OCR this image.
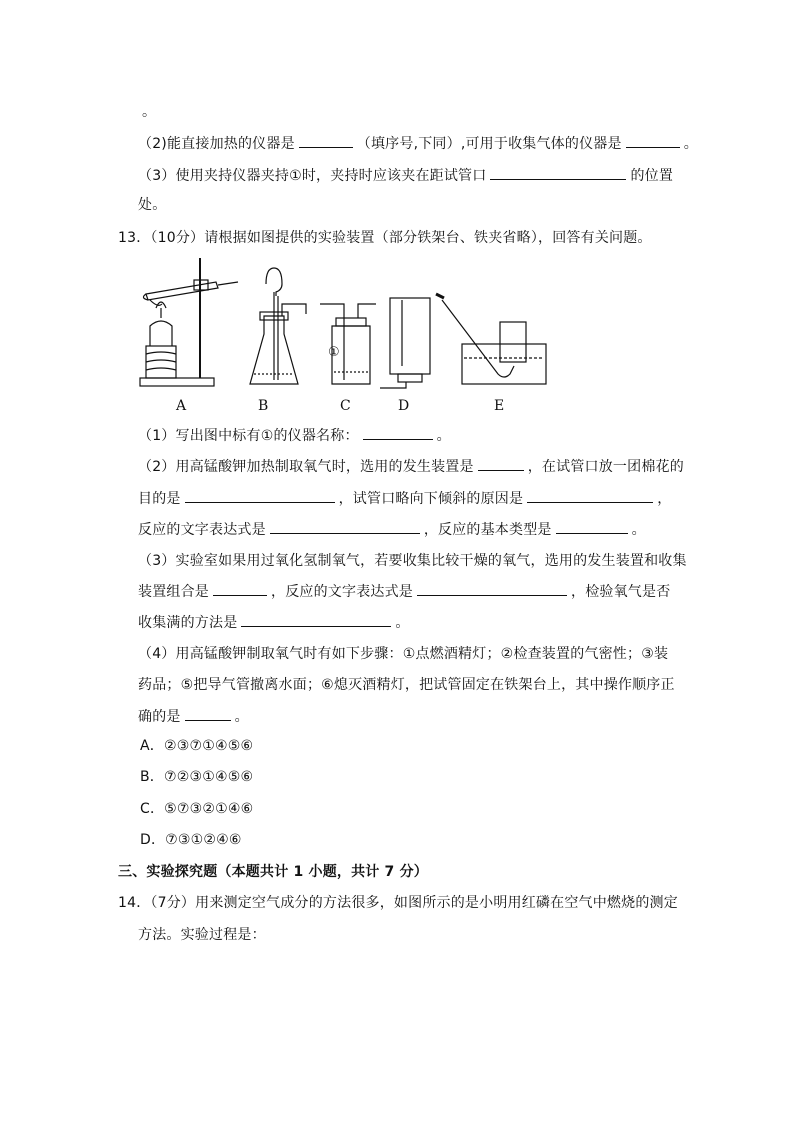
。
（2)能直接加热的仪器是	（填序号,下同）,可用于收集气体的仪器是	。
（3）使用夹持仪器夹持①时，夹持时应该夹在距试管口	的位置
处。
13．（10分）请根据如图提供的实验装置（部分铁架台、铁夹省略），回答有关问题。
①
A	B	C	D	E
（1）写出图中标有①的仪器名称：	。
（2）用高锰酸钾加热制取氧气时，选用的发生装置是	，在试管口放一团棉花的
目的是	，试管口略向下倾斜的原因是	，
反应的文字表达式是	，反应的基本类型是	。
（3）实验室如果用过氧化氢制氧气，若要收集比较干燥的氧气，选用的发生装置和收集
装置组合是	，反应的文字表达式是	，检验氧气是否
收集满的方法是	。
（4）用高锰酸钾制取氧气时有如下步骤：①点燃酒精灯；②检查装置的气密性；③装
药品；⑤把导气管撤离水面；⑥熄灭酒精灯，把试管固定在铁架台上，其中操作顺序正
确的是	。
A．②③⑦①④⑤⑥
B．⑦②③①④⑤⑥
C．⑤⑦③②①④⑥
D．⑦③①②④⑥
三、实验探究题（本题共计 1 小题，共计 7 分）
14．（7分）用来测定空气成分的方法很多，如图所示的是小明用红磷在空气中燃烧的测定
方法。实验过程是：
